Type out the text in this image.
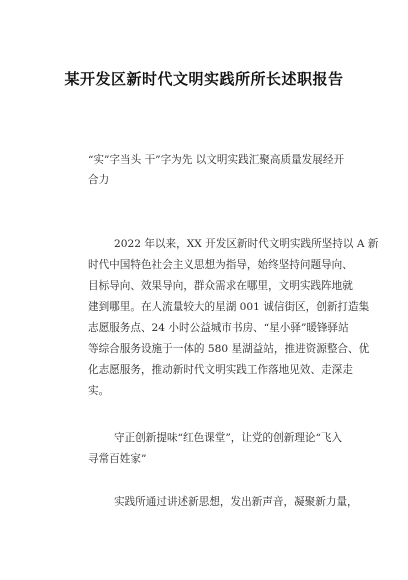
某开发区新时代文明实践所所长述职报告
“实”字当头 干”字为先 以文明实践汇聚高质量发展经开
合力
2022 年以来，XX 开发区新时代文明实践所坚持以 A 新
时代中国特色社会主义思想为指导，始终坚持问题导向、
目标导向、效果导向，群众需求在哪里，文明实践阵地就
建到哪里。在人流量较大的星湖 001 诚信街区，创新打造集
志愿服务点、24 小时公益城市书房、“星小驿”暖锋驿站
等综合服务设施于一体的 580 星湖益站，推进资源整合、优
化志愿服务，推动新时代文明实践工作落地见效、走深走
实。
守正创新提味“红色课堂”，让党的创新理论“飞入
寻常百姓家”
实践所通过讲述新思想，发出新声音，凝聚新力量，
